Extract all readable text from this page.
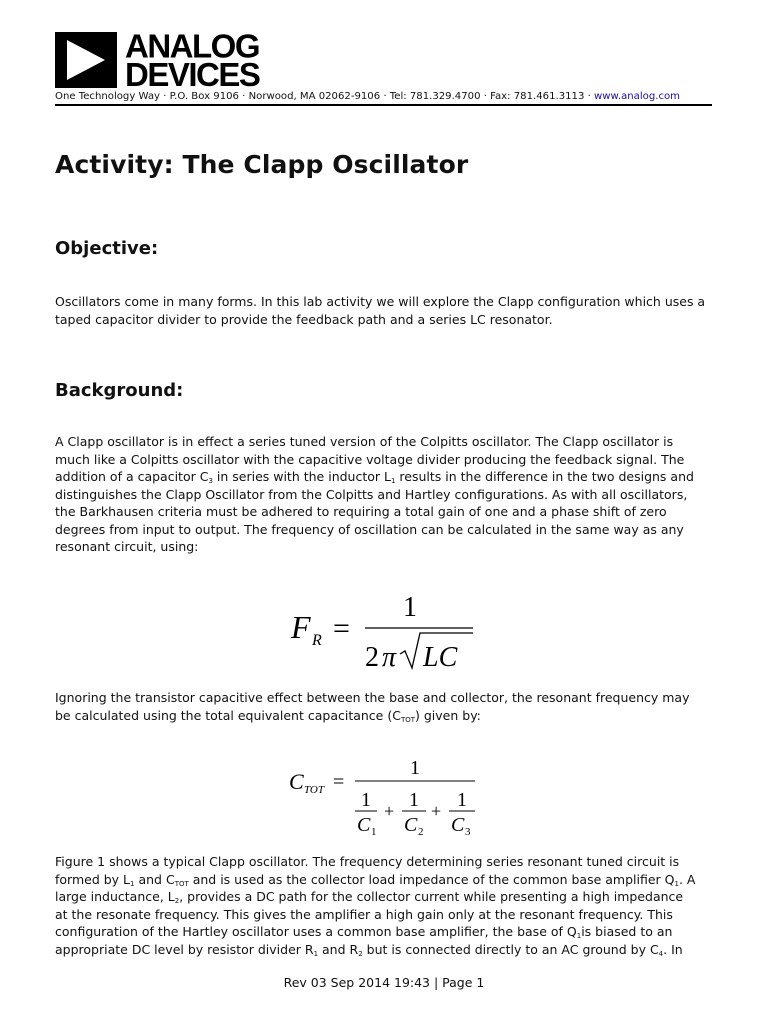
ANALOG
DEVICES
One Technology Way · P.O. Box 9106 · Norwood, MA 02062-9106 · Tel: 781.329.4700 · Fax: 781.461.3113 · www.analog.com
Activity: The Clapp Oscillator
Objective:

Oscillators come in many forms. In this lab activity we will explore the Clapp configuration which uses a taped capacitor divider to provide the feedback path and a series LC resonator.

Background:
A Clapp oscillator is in effect a series tuned version of the Colpitts oscillator. The Clapp oscillator is
much like a Colpitts oscillator with the capacitive voltage divider producing the feedback signal. The
addition of a capacitor $C_3$ in series with the inductor $L_1$ results in the difference in the two designs and
distinguishes the Clapp Oscillator from the Colpitts and Hartley configurations. As with all oscillators,
the Barkhausen criteria must be adhered to requiring a total gain of one and a phase shift of zero
degrees from input to output. The frequency of oscillation can be calculated in the same way as any
resonant circuit, using:
F R =
1
2 π LC
Ignoring the transistor capacitive effect between the base and collector, the resonant frequency may
be calculated using the total equivalent capacitance $(C_{TOT})$ given by:
C TOT =
1
1
C 1
+ 1
C 2
+ 1
C 3
Figure 1 shows a typical Clapp oscillator. The frequency determining series resonant tuned circuit is
formed by $L_1$ and $C_{TOT}$ and is used as the collector load impedance of the common base amplifier $Q_1$. A
large inductance, $L_2$, provides a DC path for the collector current while presenting a high impedance
at the resonate frequency. This gives the amplifier a high gain only at the resonant frequency. This
configuration of the Hartley oscillator uses a common base amplifier, the base of $Q_1is$ biased to an
appropriate DC level by resistor divider $R_1$ and $R_2$ but is connected directly to an AC ground by $C_4$. In
Rev 03 Sep 2014 19:43 | Page 1
